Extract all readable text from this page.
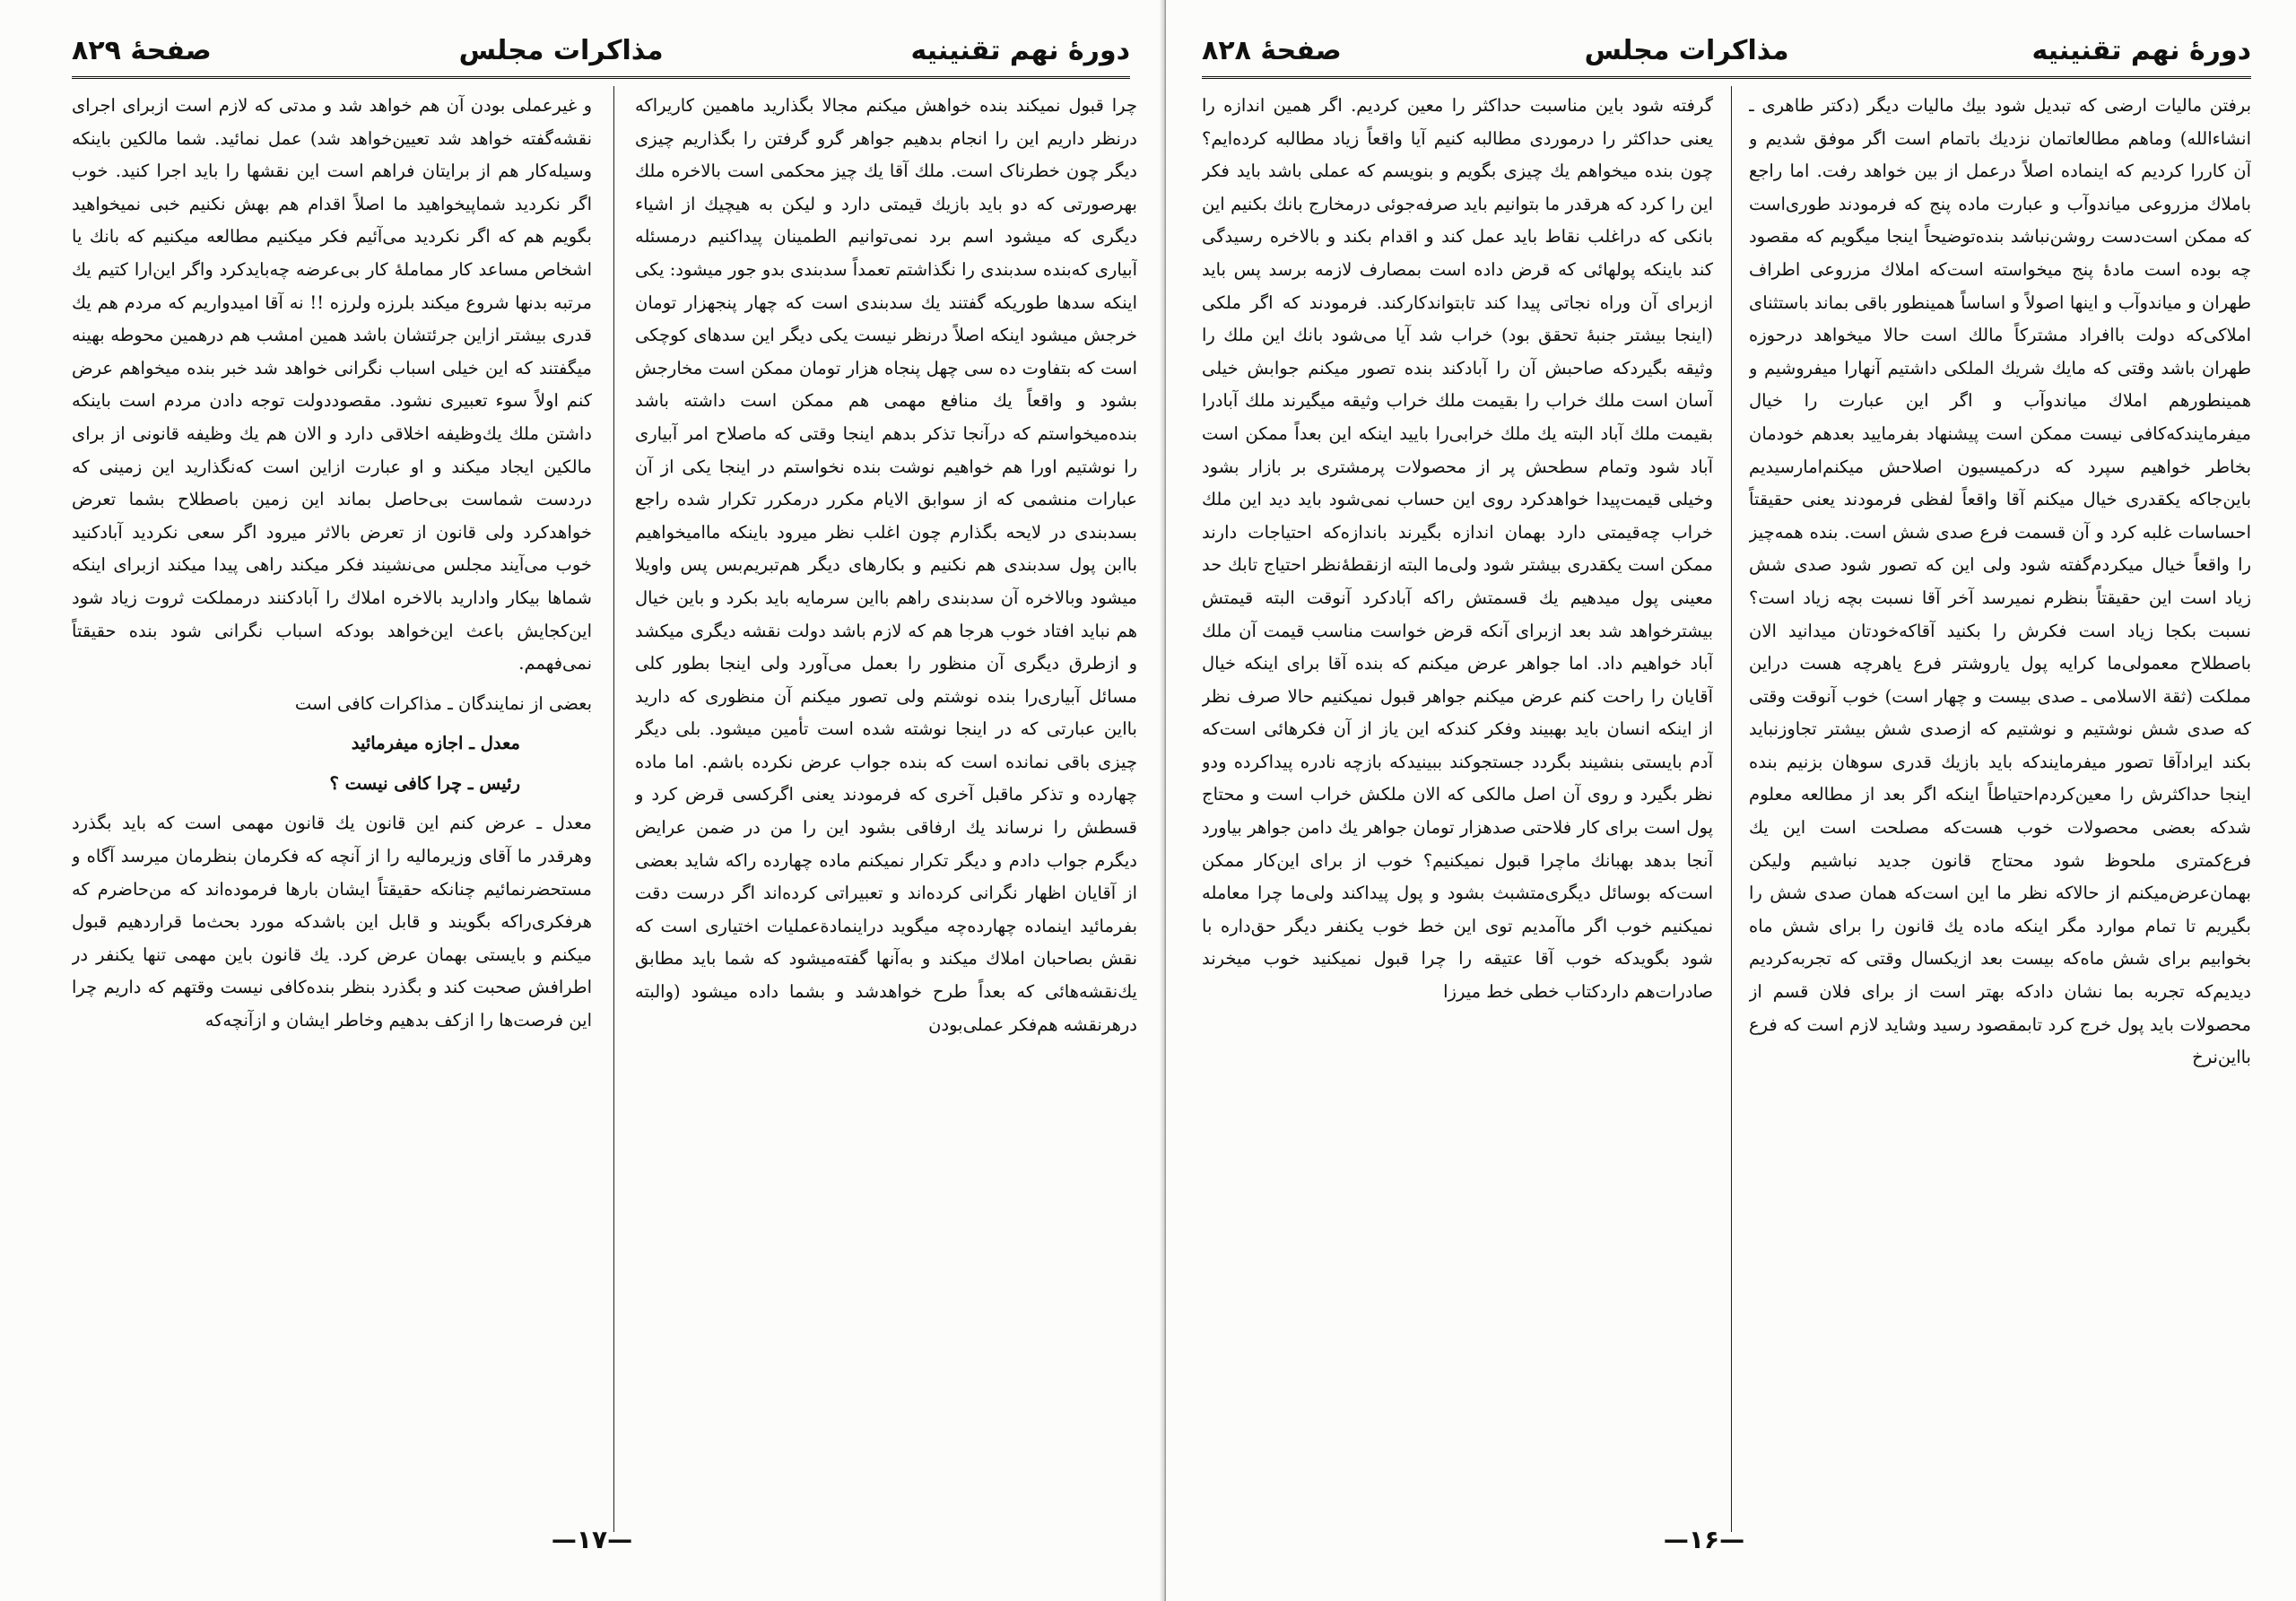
دورهٔ نهم تقنینیه
مذاکرات مجلس
صفحهٔ ۸۲۹

و غیرعملی بودن آن هم خواهد شد و مدتی که لازم است ازبرای اجرای نقشه‌گفته خواهد شد تعیین‌خواهد شد) عمل نمائید. شما مالکین باینکه وسیله‌کار هم از برایتان فراهم است این نقشها را باید اجرا کنید. خوب اگر نکردید شماپیخواهید ما اصلاً اقدام هم بهش نکنیم خبی نمیخواهید بگویم هم که اگر نکردید می‌آئیم فکر میکنیم مطالعه میکنیم که بانك یا اشخاص مساعد کار مماملهٔ کار بی‌عرضه چه‌باید‌کرد واگر این‌ارا کتیم یك مرتبه بدنها شروع میکند بلرزه ولرزه !! نه آقا امیدواریم که مردم هم یك قدری بیشتر ازاین جرئتشان باشد همین امشب هم درهمین محوطه بهینه میگفتند که این خیلی اسباب نگرانی خواهد شد خبر بنده میخواهم عرض کنم اولاً سوء تعبیری نشود. مقصوددولت توجه دادن مردم است باینکه داشتن ملك یك‌وظیفه اخلاقی دارد و الان هم یك وظیفه قانونی از برای مالکین ایجاد میکند و او عبارت ازاین است که‌نگذارید این زمینی که دردست شماست بی‌حاصل بماند این زمین باصطلاح بشما تعرض خواهدکرد ولی قانون از تعرض بالاثر میرود اگر سعی نکردید آبادکنید خوب می‌آیند مجلس می‌نشیند فکر میکند راهی پیدا میکند ازبرای اینکه شماها بیکار وادارید بالاخره املاك را آبادکنند درمملکت ثروت زیاد شود این‌کجایش باعث این‌خواهد بودکه اسباب نگرانی شود بنده حقیقتاً نمی‌فهمم.

بعضی از نمایندگان ـ مذاکرات کافی است

معدل ـ اجازه میفرمائید

رئیس ـ چرا کافی نیست ؟

معدل ـ عرض کنم این قانون یك قانون مهمی است که باید بگذرد وهرقدر ما آقای وزیرمالیه را از آنچه که فکرمان بنظرمان میرسد آگاه و مستحضر‌نمائیم چنانکه حقیقتاً ایشان بارها فرموده‌اند که من‌حاضرم که هرفکری‌راکه بگویند و قابل این باشدکه مورد بحث‌ما قراردهیم قبول میکنم و بایستی بهمان عرض کرد. یك قانون باین مهمی تنها یکنفر در اطرافش صحبت کند و بگذرد بنظر بنده‌کافی نیست وقتهم که داریم چرا این فرصت‌ها را ازکف بدهیم وخاطر ایشان و ازآنچه‌که

چرا قبول نمیکند بنده خواهش میکنم مجالا بگذارید ماهمین کاریراکه درنظر داریم این را انجام بدهیم جواهر گرو گرفتن را بگذاریم چیزی دیگر چون خطرناک است. ملك آقا یك چیز محکمی است بالاخره ملك بهرصورتی که دو باید بازیك قیمتی دارد و لیکن به هیچیك از اشیاء دیگری که میشود اسم برد نمی‌توانیم الطمینان پیداکنیم درمسئله آبیاری که‌بنده سدبندی را نگذاشتم تعمداً سدبندی بدو جور میشود: یکی اینکه سدها طوریکه گفتند یك سدبندی است که چهار پنجهزار تومان خرجش میشود اینکه اصلاً درنظر نیست یکی دیگر این سدهای کوچکی است که بتفاوت ده سی چهل پنجاه هزار تومان ممکن است مخارجش بشود و واقعاً یك منافع مهمی هم ممکن است داشته باشد بنده‌میخواستم که درآنجا تذکر بدهم اینجا وقتی که ماصلاح امر آبیاری را نوشتیم اورا هم خواهیم نوشت بنده نخواستم در اینجا یکی از آن عبارات منشمی که از سوابق الایام مکرر درمکرر تکرار شده راجع بسدبندی در لایحه بگذارم چون اغلب نظر میرود باینکه ماامیخواهیم باابن پول سدبندی هم نکنیم و بکارهای دیگر هم‌تبریم‌بس پس واویلا میشود وبالاخره آن سدبندی راهم بااین سرمایه باید بکرد و باین خیال هم نباید افتاد خوب هرجا هم که لازم باشد دولت نقشه دیگری میکشد و ازطرق دیگری آن منظور را بعمل می‌آورد ولی اینجا بطور کلی مسائل آبیاری‌را بنده نوشتم ولی تصور میکنم آن منظوری که دارید بااین عبارتی که در اینجا نوشته شده است تأمین میشود. بلی دیگر چیزی باقی نمانده است که بنده جواب عرض نکرده باشم. اما ماده چهارده و تذکر ماقبل آخری که فرمودند یعنی اگرکسی قرض کرد و قسطش را نرساند یك ارفاقی بشود این را من در ضمن عرایض دیگرم جواب دادم و دیگر تکرار نمیکنم ماده چهارده راکه شاید بعضی از آقایان اظهار نگرانی کرده‌اند و تعبیراتی کرده‌اند اگر درست دقت بفرمائید اینماده چهارده‌چه میگوید دراینمادةعملیات اختیاری است که نقش بصاحبان املاك میکند و به‌آنها گفته‌میشود که شما باید مطابق یك‌نقشه‌هائی که بعداً طرح خواهدشد و بشما داده میشود (والبته درهرنقشه هم‌فکر عملی‌بودن

—۱۷—
دورهٔ نهم تقنینیه
مذاکرات مجلس
صفحهٔ ۸۲۸

گرفته شود باین مناسبت حداکثر را معین کردیم. اگر همین اندازه را یعنی حداکثر را درموردی مطالبه کنیم آیا واقعاً زیاد مطالبه کرده‌ایم؟ چون بنده میخواهم یك چیزی بگویم و بنویسم که عملی باشد باید فکر این را کرد که هرقدر ما بتوانیم باید صرفه‌جوئی درمخارج بانك بکنیم این بانکی که دراغلب نقاط باید عمل کند و اقدام بکند و بالاخره رسیدگی کند باینکه پولهائی که قرض داده است بمصارف لازمه برسد پس باید ازبرای آن وراه نجاتی پیدا کند تابتواندکارکند. فرمودند که اگر ملکی (اینجا بیشتر جنبهٔ تحقق بود) خراب شد آیا می‌شود بانك این ملك را وثیقه بگیردکه صاحبش آن را آبادکند بنده تصور میکنم جوابش خیلی آسان است ملك خراب را بقیمت ملك خراب وثیقه میگیرند ملك آبادرا بقیمت ملك آباد البته یك ملك خرابی‌را بایید اینکه این بعداً ممکن است آباد شود وتمام سطحش پر از محصولات پرمشتری بر بازار بشود وخیلی قیمت‌پیدا خواهدکرد روی این حساب نمی‌شود باید دید این ملك خراب چه‌قیمتی دارد بهمان اندازه بگیرند باندازه‌که احتیاجات دارند ممکن است یکقدری بیشتر شود ولی‌ما البته ازنقطهٔ‌نظر احتیاج تابك حد معینی پول میدهیم یك قسمتش راکه آبادکرد آنوقت البته قیمتش بیشترخواهد شد بعد ازبرای آنکه قرض خواست مناسب قیمت آن ملك آباد خواهیم داد. اما جواهر عرض میکنم که بنده آقا برای اینکه خیال آقایان را راحت کنم عرض میکنم جواهر قبول نمیکنیم حالا صرف نظر از اینکه انسان باید بهبیند وفکر کندکه این یاز از آن فکرهائی است‌که آدم بایستی بنشیند بگردد جستجوکند ببینیدکه بازچه نادره پیداکرده ودو نظر بگیرد و روی آن اصل مالکی که الان ملکش خراب است و محتاج پول است برای کار فلاحتی صدهزار تومان جواهر یك دامن جواهر بیاورد آنجا بدهد بهبانك ماچرا قبول نمیکنیم؟ خوب از برای این‌کار ممکن است‌که بوسائل دیگری‌متشبث بشود و پول پیداکند ولی‌ما چرا معامله نمیکنیم خوب اگر ماآمدیم توی این خط خوب یکنفر دیگر حق‌داره با شود بگویدکه خوب آقا عتیقه را چرا قبول نمیکنید خوب میخرند صادرات‌هم داردکتاب خطی خط میرزا

برفتن مالیات ارضی که تبدیل شود بیك مالیات دیگر (دکتر طاهری ـ انشاءالله) وماهم مطالعاتمان نزدیك باتمام است اگر موفق شدیم و آن کاررا کردیم که اینماده اصلاً درعمل از بین خواهد رفت. اما راجع باملاك مزروعی میاندوآب و عبارت ماده پنج که فرمودند طوری‌است که ممکن است‌دست روشن‌نباشد بنده‌توضیحاً اینجا میگویم که مقصود چه بوده است مادهٔ پنج میخواسته است‌که املاك مزروعی اطراف طهران و میاندوآب و اینها اصولاً و اساساً همینطور باقی بماند باستثنای املاکی‌که دولت باافراد مشترکاً مالك است حالا میخواهد درحوزه طهران باشد وقتی که مایك شریك الملکی داشتیم آنهارا میفروشیم و همینطورهم املاك میاندوآب و اگر این عبارت را خیال میفرمایندکه‌کافی نیست ممکن است پیشنهاد بفرمایید بعدهم خودمان بخاطر خواهیم سپرد که درکمیسیون اصلاحش میکنم‌امارسیدیم باین‌جاکه یکقدری خیال میکنم آقا واقعاً لفظی فرمودند یعنی حقیقتاً احساسات غلبه کرد و آن قسمت فرع صدی شش است. بنده همه‌چیز را واقعاً خیال میکردم‌گفته شود ولی این که تصور شود صدی شش زیاد است این حقیقتاً بنظرم نمیرسد آخر آقا نسبت بچه زیاد است؟ نسبت بکجا زیاد است فکرش را بکنید آقاکه‌خودتان میدانید الان باصطلاح معمولی‌ما کرایه پول یاروشتر فرع یاهرچه هست دراین مملکت (ثقة الاسلامی ـ صدی بیست و چهار است) خوب آنوقت وقتی که صدی شش نوشتیم و نوشتیم که ازصدی شش بیشتر تجاوزنباید بکند ایرادآقا تصور میفرمایندکه باید بازیك قدری سوهان بزنیم بنده اینجا حداکثرش را معین‌کردم‌احتیاطاً اینکه اگر بعد از مطالعه معلوم شدکه بعضی محصولات خوب هست‌که مصلحت است این یك فرع‌کمتری ملحوظ شود محتاج قانون جدید نباشیم ولیکن بهمان‌عرض‌میکنم از حالاکه نظر ما این است‌که همان صدی شش را بگیریم تا تمام موارد مگر اینکه ماده یك قانون را برای شش ماه بخوابیم برای شش ماه‌که بیست بعد ازیکسال وقتی که تجربه‌کردیم دیدیم‌که تجربه بما نشان دادکه بهتر است از برای فلان قسم از محصولات باید پول خرج کرد تابمقصود رسید وشاید لازم است که فرع بااین‌نرخ

—۱۶—
